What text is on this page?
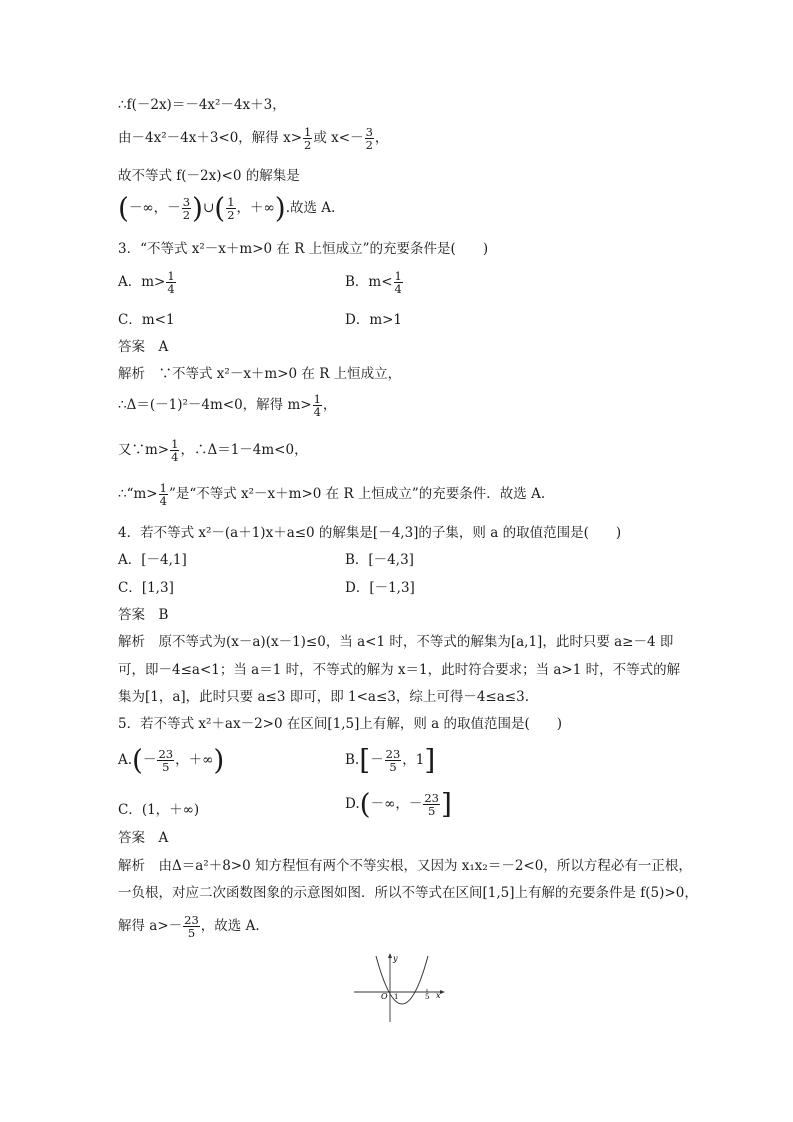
∴f(－2x)＝－4x²－4x＋3，
由－4x²－4x＋3<0，解得 $x> \frac{1}{2}$ 或 $x<- \frac{3}{2}$ ，
故不等式 f(－2x)<0 的解集是
(－∞，－ $\frac{3}{2}$ )∪( $\frac{1}{2}$ ，＋∞).故选 A.
3．“不等式 x²－x＋m>0 在 R 上恒成立”的充要条件是(　　)
A．$m> \frac{1}{4}$	B．$m< \frac{1}{4}$
C．m<1	D．m>1
答案　A
解析　∵不等式 x²－x＋m>0 在 R 上恒成立，
∴Δ＝(－1)²－4m<0，解得 $m> \frac{1}{4}$ ，
又∵m> $\frac{1}{4}$ ，∴Δ＝1－4m<0，
∴“m> $\frac{1}{4}$ ”是“不等式 x²－x＋m>0 在 R 上恒成立”的充要条件．故选 A.
4．若不等式 x²－(a＋1)x＋a≤0 的解集是[－4,3]的子集，则 a 的取值范围是(　　)
A．[－4,1]	B．[－4,3]
C．[1,3]	D．[－1,3]
答案　B
解析　原不等式为(x－a)(x－1)≤0，当 a<1 时，不等式的解集为[a,1]，此时只要 a≥－4 即
可，即－4≤a<1；当 a＝1 时，不等式的解为 x＝1，此时符合要求；当 a>1 时，不等式的解
集为[1，a]，此时只要 a≤3 即可，即 1<a≤3，综上可得－4≤a≤3.
5．若不等式 x²＋ax－2>0 在区间[1,5]上有解，则 a 的取值范围是(　　)
$A.(- \frac{23}{5}$ ，＋∞)	$B.[- \frac{23}{5}$ ，1]
C．(1，＋∞)	D.(－∞，－ $\frac{23}{5}$ ]
答案　A
解析　由Δ＝a²＋8>0 知方程恒有两个不等实根，又因为 x₁x₂＝－2<0，所以方程必有一正根，
一负根，对应二次函数图象的示意图如图．所以不等式在区间[1,5]上有解的充要条件是 f(5)>0，
解得 $a>- \frac{23}{5}$ ，故选 A.
y
x
O 1	5
